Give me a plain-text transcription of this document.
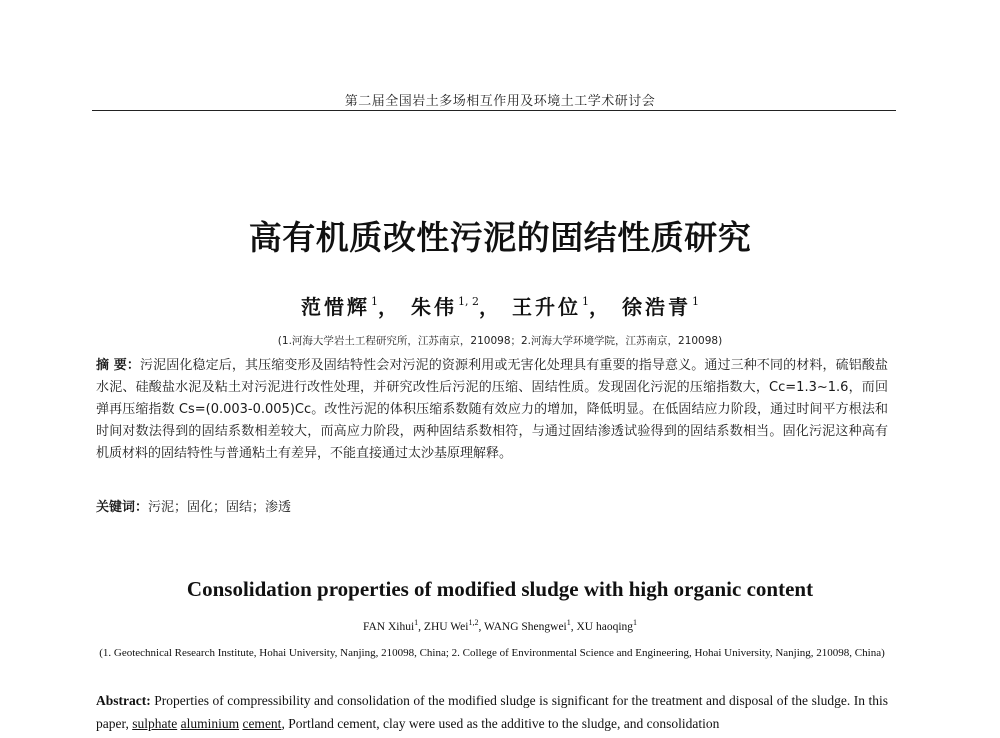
第二届全国岩土多场相互作用及环境土工学术研讨会
高有机质改性污泥的固结性质研究
范惜辉$^1$， 朱伟$^{1, 2}$， 王升位$^1$， 徐浩青$^1$
(1.河海大学岩土工程研究所，江苏南京，210098；2.河海大学环境学院，江苏南京，210098)
摘 要：污泥固化稳定后，其压缩变形及固结特性会对污泥的资源利用或无害化处理具有重要的指导意义。通过三种不同的材料，硫铝酸盐水泥、硅酸盐水泥及粘土对污泥进行改性处理，并研究改性后污泥的压缩、固结性质。发现固化污泥的压缩指数大，Cc=1.3~1.6，而回弹再压缩指数 Cs=(0.003-0.005)Cc。改性污泥的体积压缩系数随有效应力的增加，降低明显。在低固结应力阶段，通过时间平方根法和时间对数法得到的固结系数相差较大，而高应力阶段，两种固结系数相符，与通过固结渗透试验得到的固结系数相当。固化污泥这种高有机质材料的固结特性与普通粘土有差异，不能直接通过太沙基原理解释。
关键词：污泥；固化；固结；渗透
Consolidation properties of modified sludge with high organic content
FAN Xihui$^1$, ZHU Wei$^{1,2}$, WANG Shengwei$^1$, XU haoqing$^1$
(1. Geotechnical Research Institute, Hohai University, Nanjing, 210098, China; 2. College of Environmental Science and Engineering, Hohai University, Nanjing, 210098, China)
Abstract: Properties of compressibility and consolidation of the modified sludge is significant for the treatment and disposal of the sludge. In this paper, sulphate aluminium cement, Portland cement, clay were used as the additive to the sludge, and consolidation
